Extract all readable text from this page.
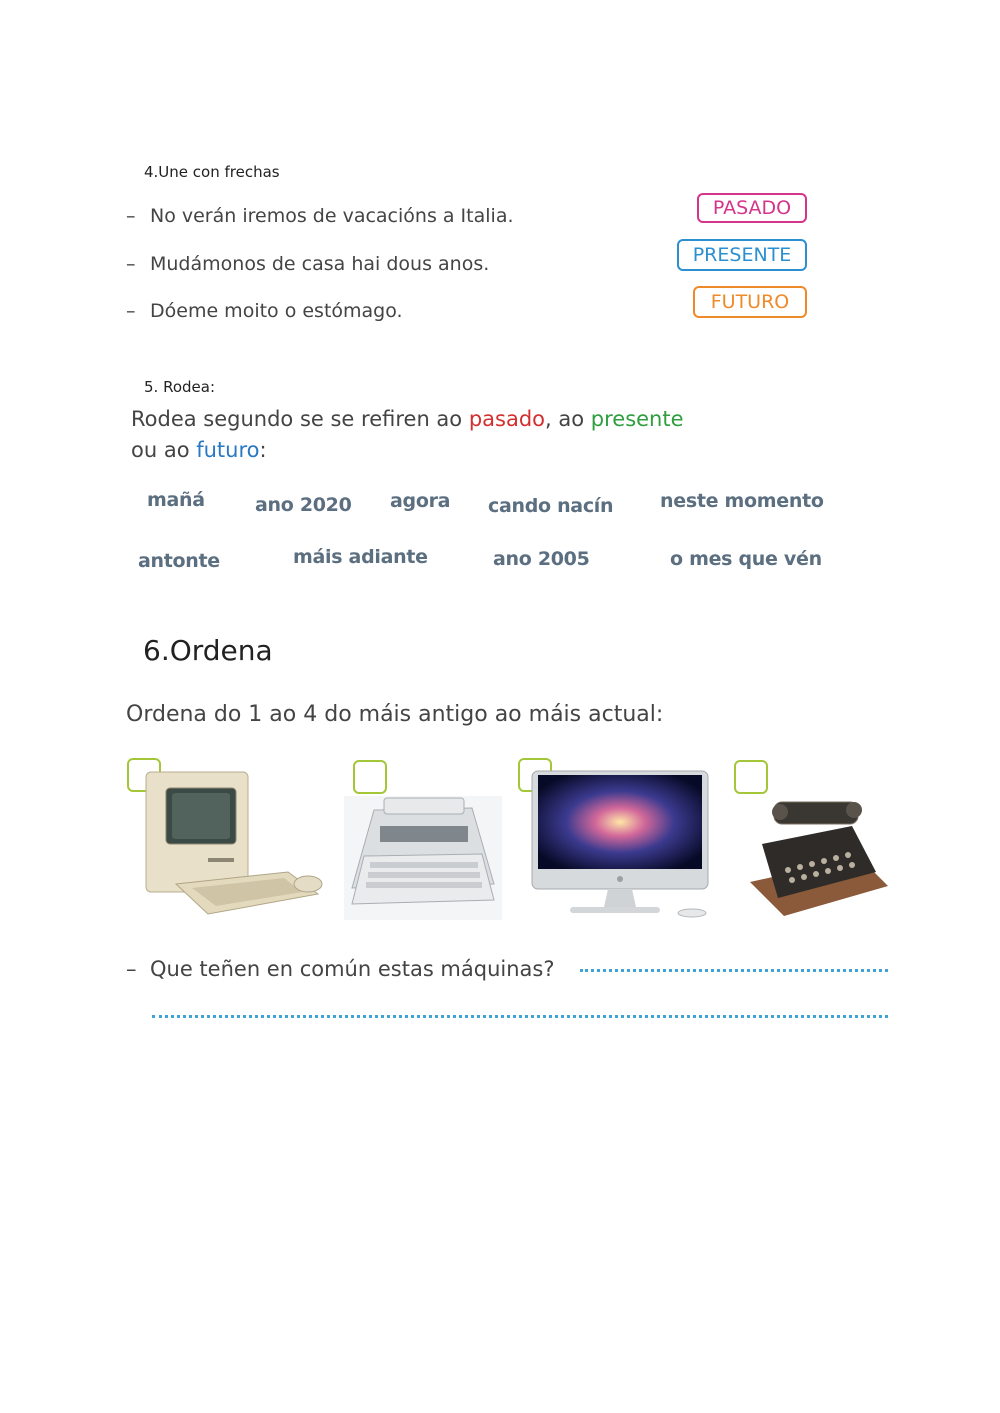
4.Une con frechas
– No verán iremos de vacacións a Italia.
– Mudámonos de casa hai dous anos.
– Dóeme moito o estómago.
PASADO
PRESENTE
FUTURO
5. Rodea:
Rodea segundo se se refiren ao pasado, ao presente
ou ao futuro:
mañá	ano 2020 agora cando nacín neste momento
antonte	máis adiante	ano 2005	o mes que vén
6.Ordena
Ordena do 1 ao 4 do máis antigo ao máis actual:
– Que teñen en común estas máquinas?
